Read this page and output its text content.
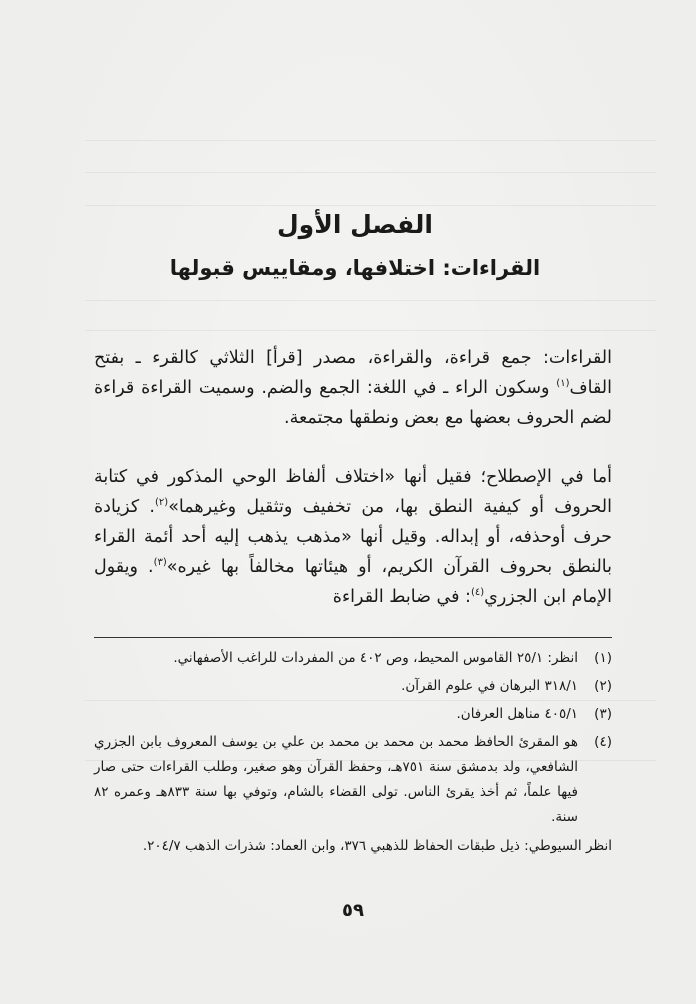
الفصل الأول
القراءات: اختلافها، ومقاييس قبولها

القراءات: جمع قراءة، والقراءة، مصدر [قرأ] الثلاثي كالقرء ـ بفتح القاف$^{(١)}$ وسكون الراء ـ في اللغة: الجمع والضم. وسميت القراءة قراءة لضم الحروف بعضها مع بعض ونطقها مجتمعة.

أما في الإصطلاح؛ فقيل أنها «اختلاف ألفاظ الوحي المذكور في كتابة الحروف أو كيفية النطق بها، من تخفيف وتثقيل وغيرهما»$^{(٢)}$. كزيادة حرف أوحذفه، أو إبداله. وقيل أنها «مذهب يذهب إليه أحد أئمة القراء بالنطق بحروف القرآن الكريم، أو هيئاتها مخالفاً بها غيره»$^{(٣)}$. ويقول الإمام ابن الجزري$^{(٤)}$: في ضابط القراءة

(١)
انظر: ٢٥/١ القاموس المحيط، وص ٤٠٢ من المفردات للراغب الأصفهاني.
(٢)
٣١٨/١ البرهان في علوم القرآن.
(٣)
٤٠٥/١ مناهل العرفان.
(٤)
هو المقرئ الحافظ محمد بن محمد بن محمد بن علي بن يوسف المعروف بابن الجزري الشافعي، ولد بدمشق سنة ٧٥١هـ، وحفظ القرآن وهو صغير، وطلب القراءات حتى صار فيها علماً، ثم أخذ يقرئ الناس. تولى القضاء بالشام، وتوفي بها سنة ٨٣٣هـ وعمره ٨٢ سنة.
انظر السيوطي: ذيل طبقات الحفاظ للذهبي ٣٧٦، وابن العماد: شذرات الذهب ٢٠٤/٧.
٥٩
